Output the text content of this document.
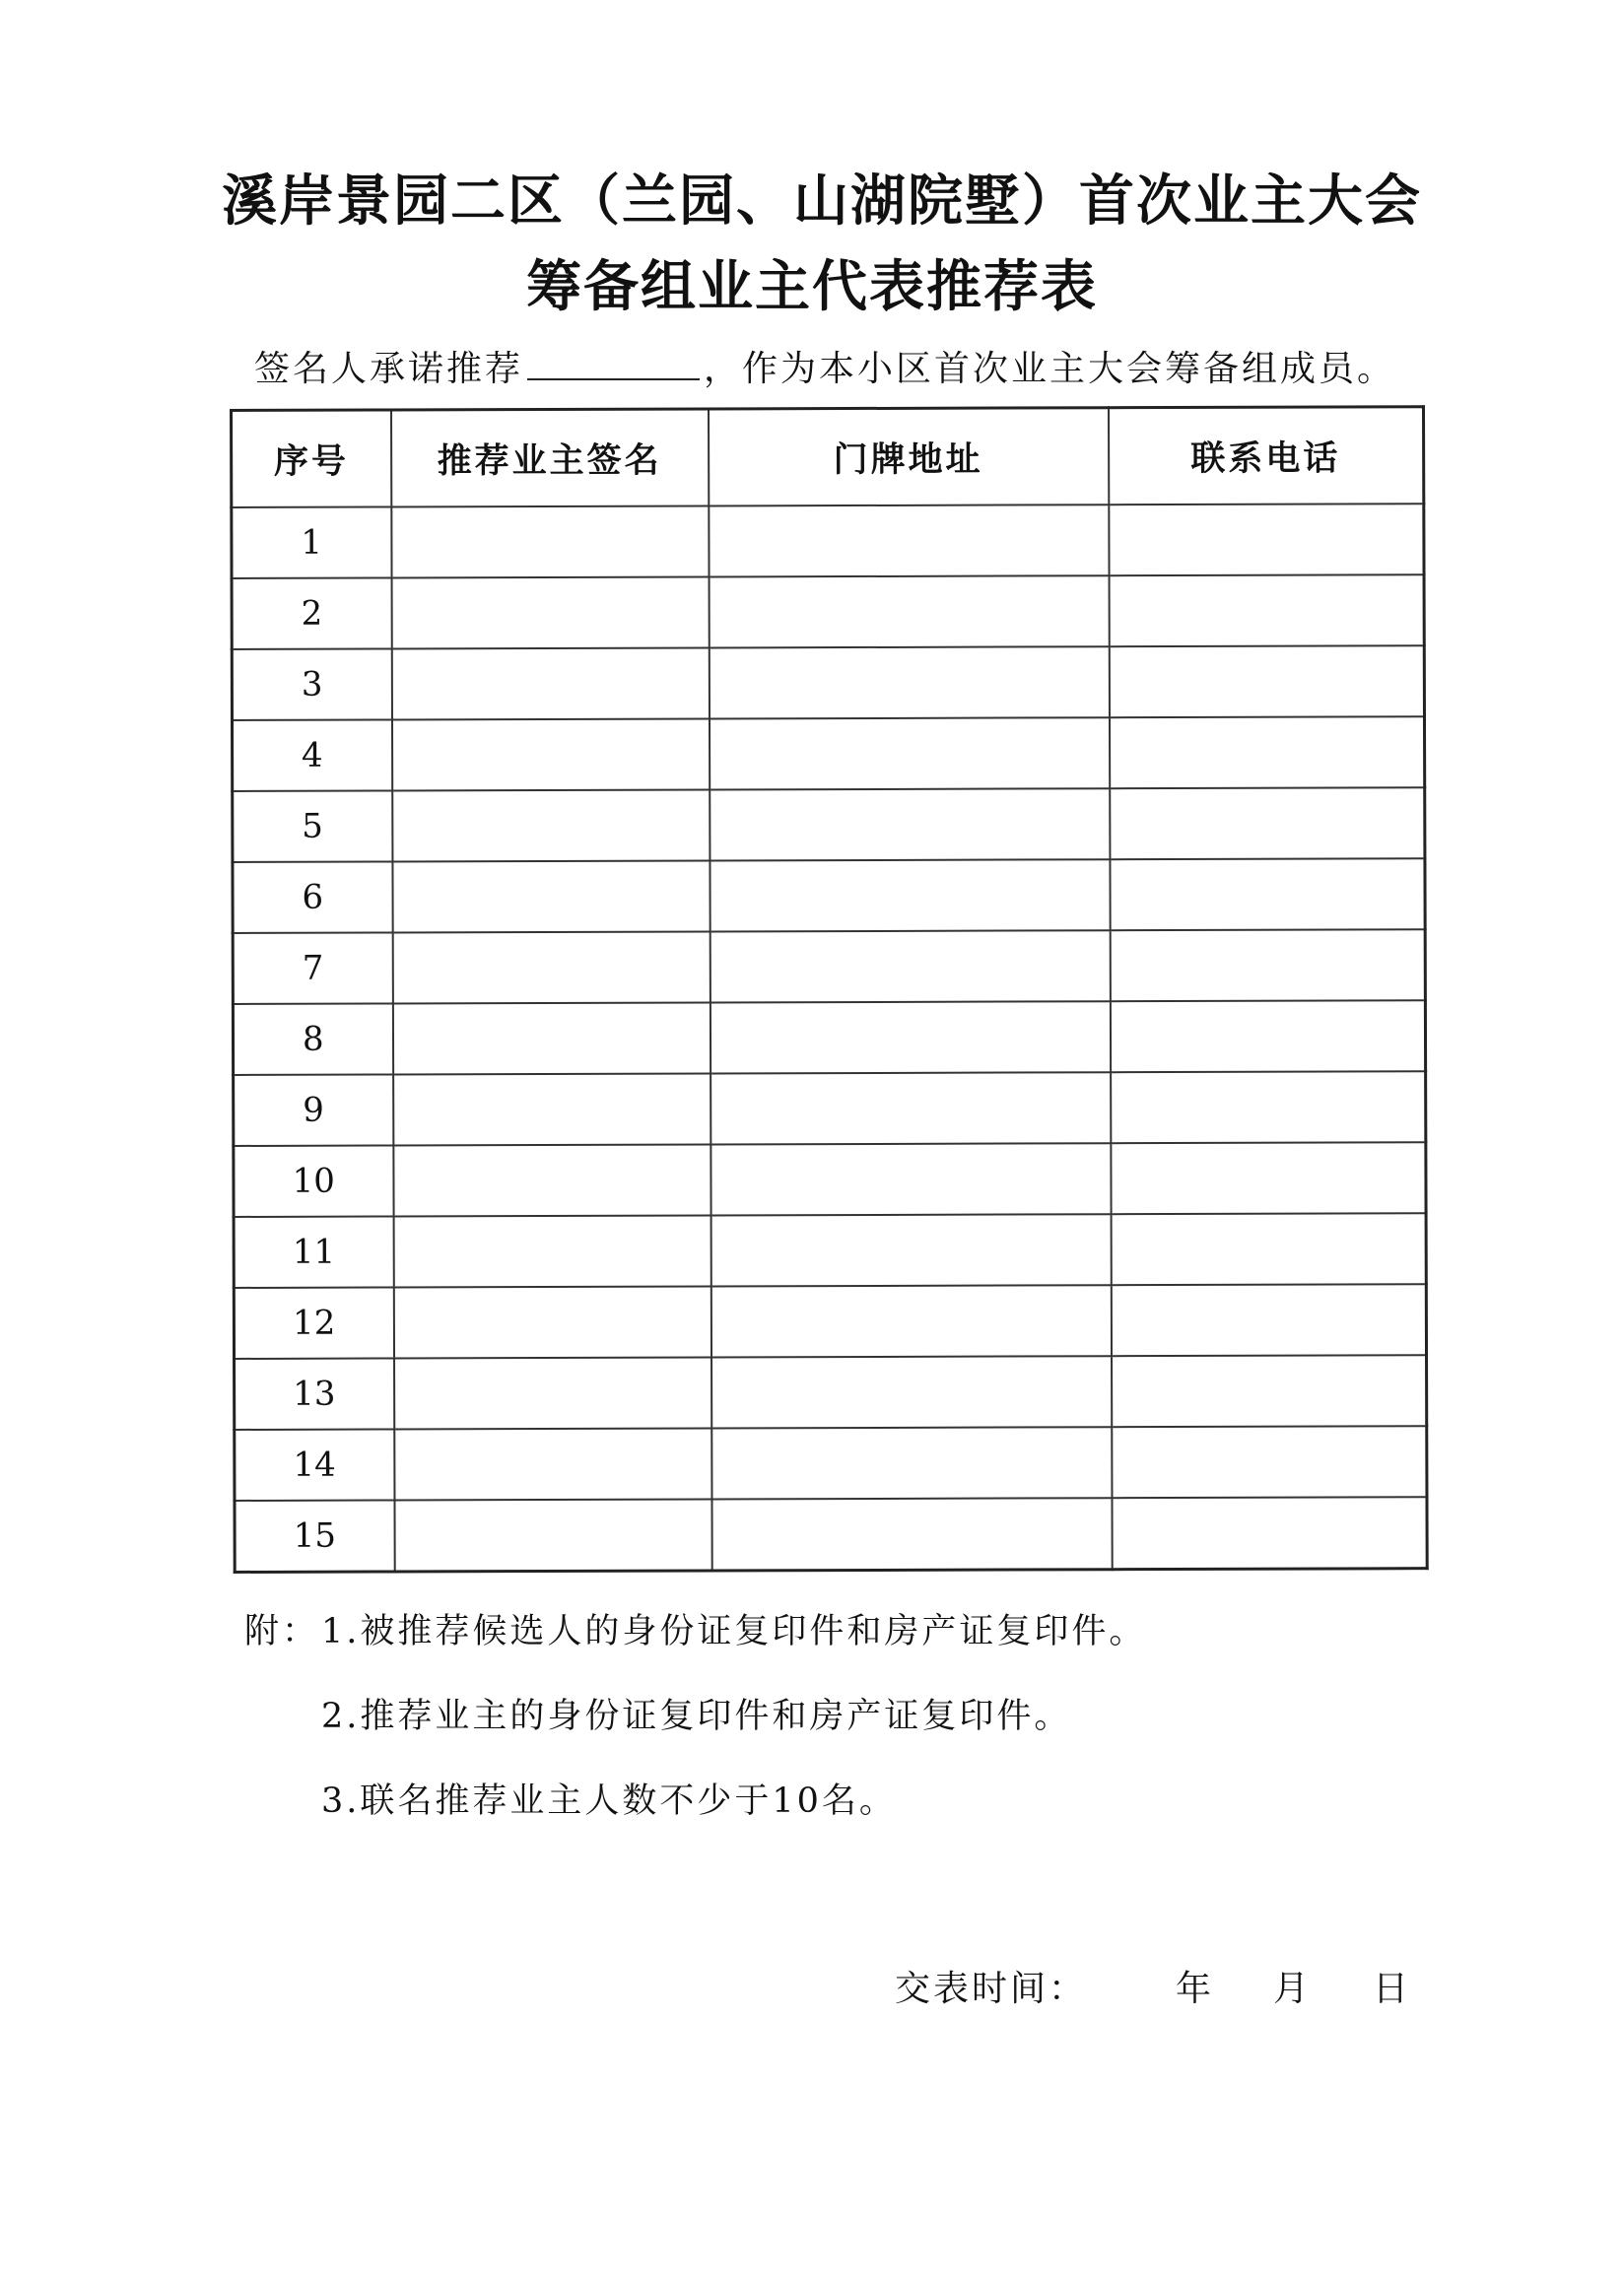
溪岸景园二区（兰园、山湖院墅）首次业主大会
筹备组业主代表推荐表
签名人承诺推荐	，作为本小区首次业主大会筹备组成员。
序号	推荐业主签名	门牌地址	联系电话
1			
2			
3			
4			
5			
6			
7			
8			
9			
10			
11			
12			
13			
14			
15			
附：1.被推荐候选人的身份证复印件和房产证复印件。
2.推荐业主的身份证复印件和房产证复印件。
3.联名推荐业主人数不少于10名。
交表时间：	年 月 日
